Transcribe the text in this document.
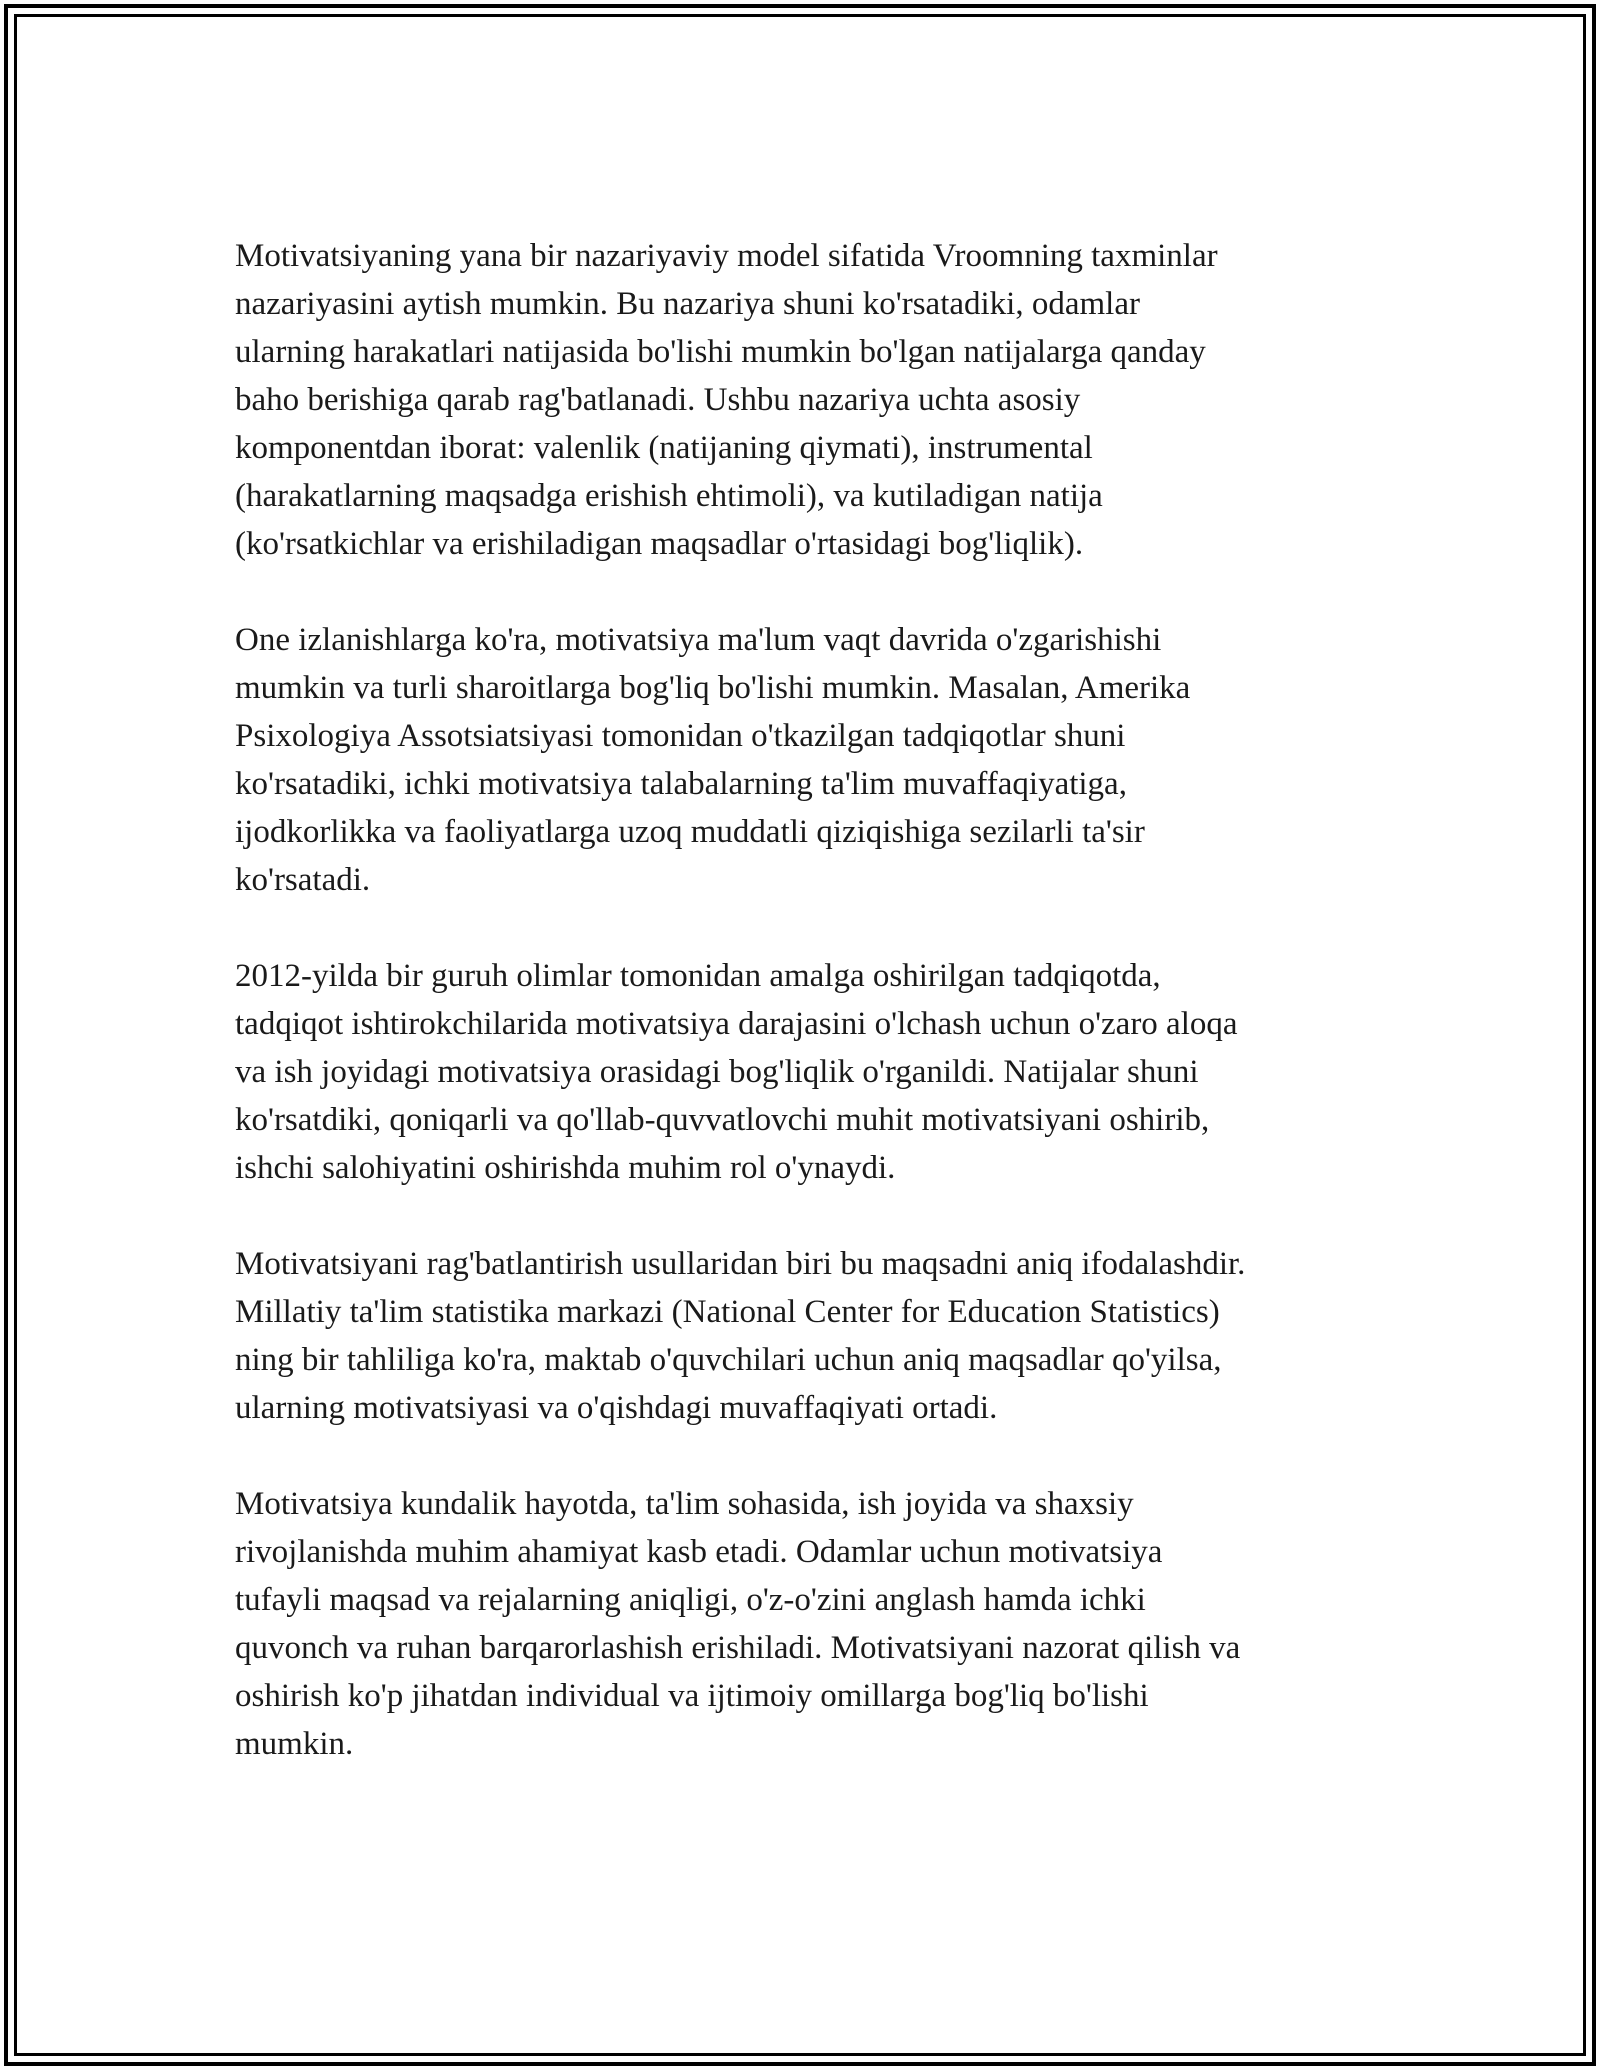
Motivatsiyaning yana bir nazariyaviy model sifatida Vroomning taxminlar
nazariyasini aytish mumkin. Bu nazariya shuni ko'rsatadiki, odamlar
ularning harakatlari natijasida bo'lishi mumkin bo'lgan natijalarga qanday
baho berishiga qarab rag'batlanadi. Ushbu nazariya uchta asosiy
komponentdan iborat: valenlik (natijaning qiymati), instrumental
(harakatlarning maqsadga erishish ehtimoli), va kutiladigan natija
(ko'rsatkichlar va erishiladigan maqsadlar o'rtasidagi bog'liqlik).

One izlanishlarga ko'ra, motivatsiya ma'lum vaqt davrida o'zgarishishi
mumkin va turli sharoitlarga bog'liq bo'lishi mumkin. Masalan, Amerika
Psixologiya Assotsiatsiyasi tomonidan o'tkazilgan tadqiqotlar shuni
ko'rsatadiki, ichki motivatsiya talabalarning ta'lim muvaffaqiyatiga,
ijodkorlikka va faoliyatlarga uzoq muddatli qiziqishiga sezilarli ta'sir
ko'rsatadi.

2012-yilda bir guruh olimlar tomonidan amalga oshirilgan tadqiqotda,
tadqiqot ishtirokchilarida motivatsiya darajasini o'lchash uchun o'zaro aloqa
va ish joyidagi motivatsiya orasidagi bog'liqlik o'rganildi. Natijalar shuni
ko'rsatdiki, qoniqarli va qo'llab-quvvatlovchi muhit motivatsiyani oshirib,
ishchi salohiyatini oshirishda muhim rol o'ynaydi.

Motivatsiyani rag'batlantirish usullaridan biri bu maqsadni aniq ifodalashdir.
Millatiy ta'lim statistika markazi (National Center for Education Statistics)
ning bir tahliliga ko'ra, maktab o'quvchilari uchun aniq maqsadlar qo'yilsa,
ularning motivatsiyasi va o'qishdagi muvaffaqiyati ortadi.

Motivatsiya kundalik hayotda, ta'lim sohasida, ish joyida va shaxsiy
rivojlanishda muhim ahamiyat kasb etadi. Odamlar uchun motivatsiya
tufayli maqsad va rejalarning aniqligi, o'z-o'zini anglash hamda ichki
quvonch va ruhan barqarorlashish erishiladi. Motivatsiyani nazorat qilish va
oshirish ko'p jihatdan individual va ijtimoiy omillarga bog'liq bo'lishi
mumkin.
